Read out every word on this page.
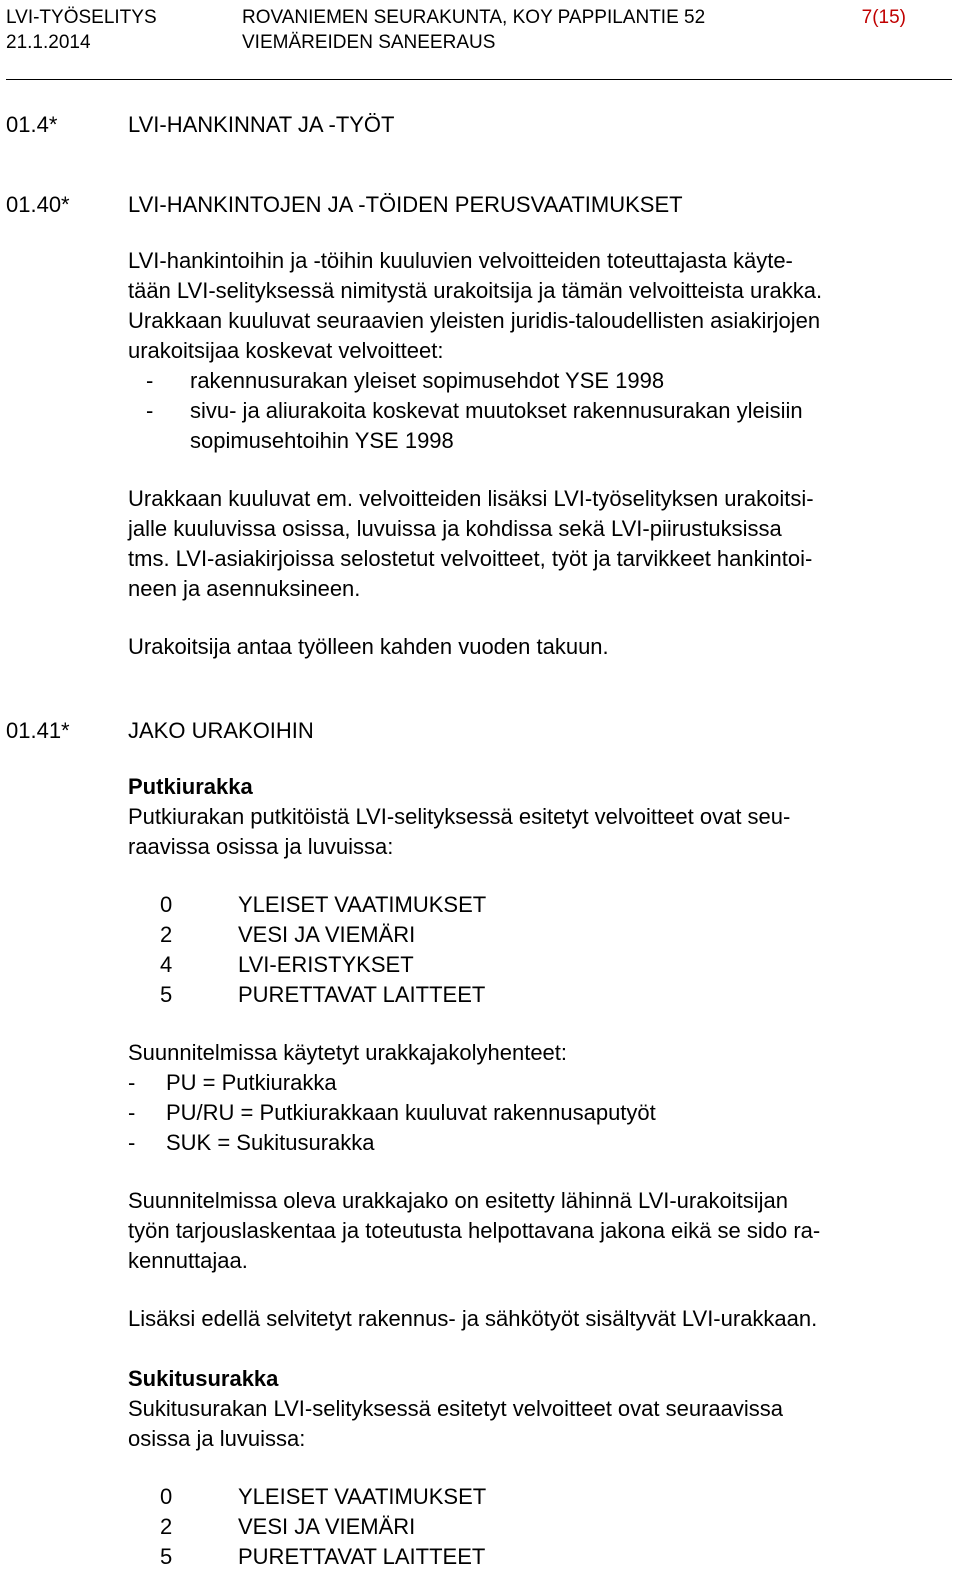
LVI-TYÖSELITYS
21.1.2014
ROVANIEMEN SEURAKUNTA, KOY PAPPILANTIE 52
VIEMÄREIDEN SANEERAUS
7(15)
01.4*	LVI-HANKINNAT JA -TYÖT
01.40*	LVI-HANKINTOJEN JA -TÖIDEN PERUSVAATIMUKSET
LVI-hankintoihin ja -töihin kuuluvien velvoitteiden toteuttajasta käyte-
tään LVI-selityksessä nimitystä urakoitsija ja tämän velvoitteista urakka.
Urakkaan kuuluvat seuraavien yleisten juridis-taloudellisten asiakirjojen
urakoitsijaa koskevat velvoitteet:
- rakennusurakan yleiset sopimusehdot YSE 1998
- sivu- ja aliurakoita koskevat muutokset rakennusurakan yleisiin
sopimusehtoihin YSE 1998
Urakkaan kuuluvat em. velvoitteiden lisäksi LVI-työselityksen urakoitsi-
jalle kuuluvissa osissa, luvuissa ja kohdissa sekä LVI-piirustuksissa
tms. LVI-asiakirjoissa selostetut velvoitteet, työt ja tarvikkeet hankintoi-
neen ja asennuksineen.
Urakoitsija antaa työlleen kahden vuoden takuun.
01.41*	JAKO URAKOIHIN
Putkiurakka
Putkiurakan putkitöistä LVI-selityksessä esitetyt velvoitteet ovat seu-
raavissa osissa ja luvuissa:
0	YLEISET VAATIMUKSET
2	VESI JA VIEMÄRI
4	LVI-ERISTYKSET
5	PURETTAVAT LAITTEET
Suunnitelmissa käytetyt urakkajakolyhenteet:
- PU = Putkiurakka
- PU/RU = Putkiurakkaan kuuluvat rakennusaputyöt
- SUK = Sukitusurakka
Suunnitelmissa oleva urakkajako on esitetty lähinnä LVI-urakoitsijan
työn tarjouslaskentaa ja toteutusta helpottavana jakona eikä se sido ra-
kennuttajaa.
Lisäksi edellä selvitetyt rakennus- ja sähkötyöt sisältyvät LVI-urakkaan.
Sukitusurakka
Sukitusurakan LVI-selityksessä esitetyt velvoitteet ovat seuraavissa
osissa ja luvuissa:
0	YLEISET VAATIMUKSET
2	VESI JA VIEMÄRI
5	PURETTAVAT LAITTEET
